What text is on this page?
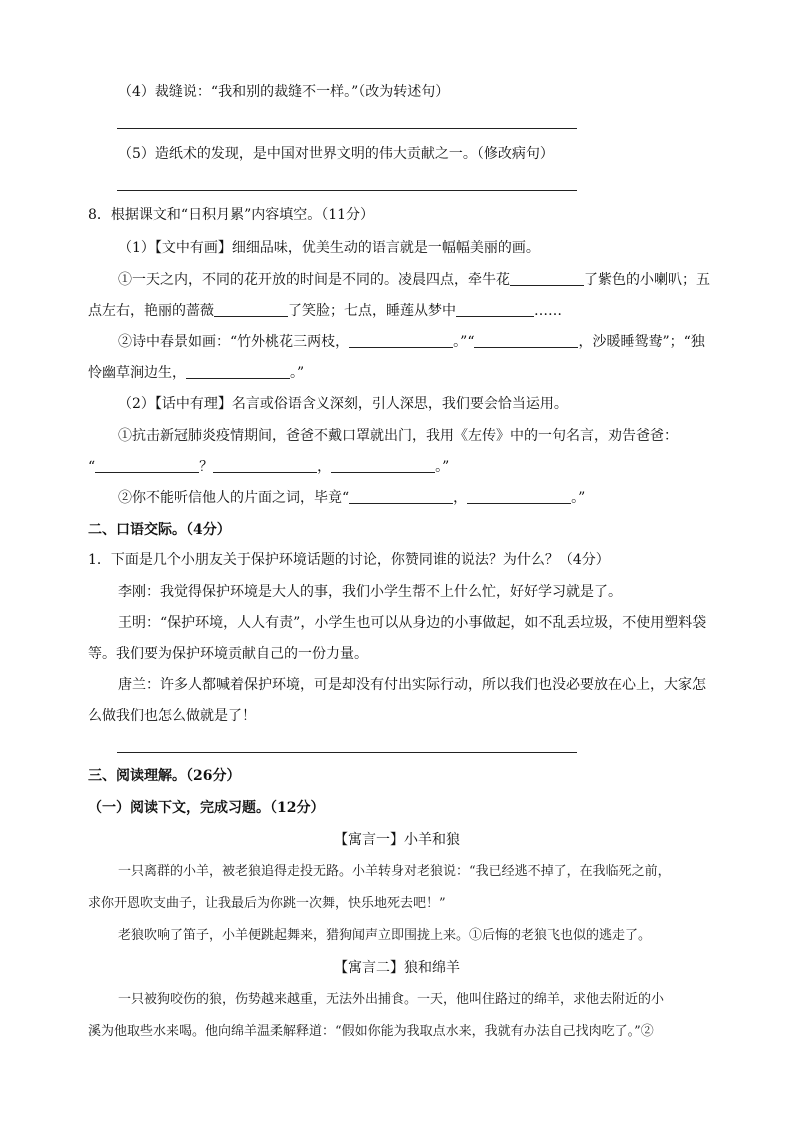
（4）裁缝说：“我和别的裁缝不一样。”（改为转述句）

（5）造纸术的发现，是中国对世界文明的伟大贡献之一。（修改病句）

8．根据课文和“日积月累”内容填空。（11分）

（1）【文中有画】细细品味，优美生动的语言就是一幅幅美丽的画。

①一天之内，不同的花开放的时间是不同的。凌晨四点，牵牛花	了紫色的小喇叭；五

点左右，艳丽的蔷薇	了笑脸；七点，睡莲从梦中	……

②诗中春景如画：“竹外桃花三两枝，	。”“	，沙暖睡鸳鸯”；“独

怜幽草涧边生，	。”

（2）【话中有理】名言或俗语含义深刻，引人深思，我们要会恰当运用。

①抗击新冠肺炎疫情期间，爸爸不戴口罩就出门，我用《左传》中的一句名言，劝告爸爸：

“	？	，	。”

②你不能听信他人的片面之词，毕竟“	，	。”

二、口语交际。（4分）

1．下面是几个小朋友关于保护环境话题的讨论，你赞同谁的说法？为什么？（4分）

李刚：我觉得保护环境是大人的事，我们小学生帮不上什么忙，好好学习就是了。

王明：“保护环境，人人有责”，小学生也可以从身边的小事做起，如不乱丢垃圾，不使用塑料袋

等。我们要为保护环境贡献自己的一份力量。

唐兰：许多人都喊着保护环境，可是却没有付出实际行动，所以我们也没必要放在心上，大家怎

么做我们也怎么做就是了！

三、阅读理解。（26分）

（一）阅读下文，完成习题。（12分）

【寓言一】小羊和狼

一只离群的小羊，被老狼追得走投无路。小羊转身对老狼说：“我已经逃不掉了，在我临死之前，

求你开恩吹支曲子，让我最后为你跳一次舞，快乐地死去吧！”

老狼吹响了笛子，小羊便跳起舞来，猎狗闻声立即围拢上来。①后悔的老狼飞也似的逃走了。

【寓言二】狼和绵羊

一只被狗咬伤的狼，伤势越来越重，无法外出捕食。一天，他叫住路过的绵羊，求他去附近的小

溪为他取些水来喝。他向绵羊温柔解释道：“假如你能为我取点水来，我就有办法自己找肉吃了。”②
